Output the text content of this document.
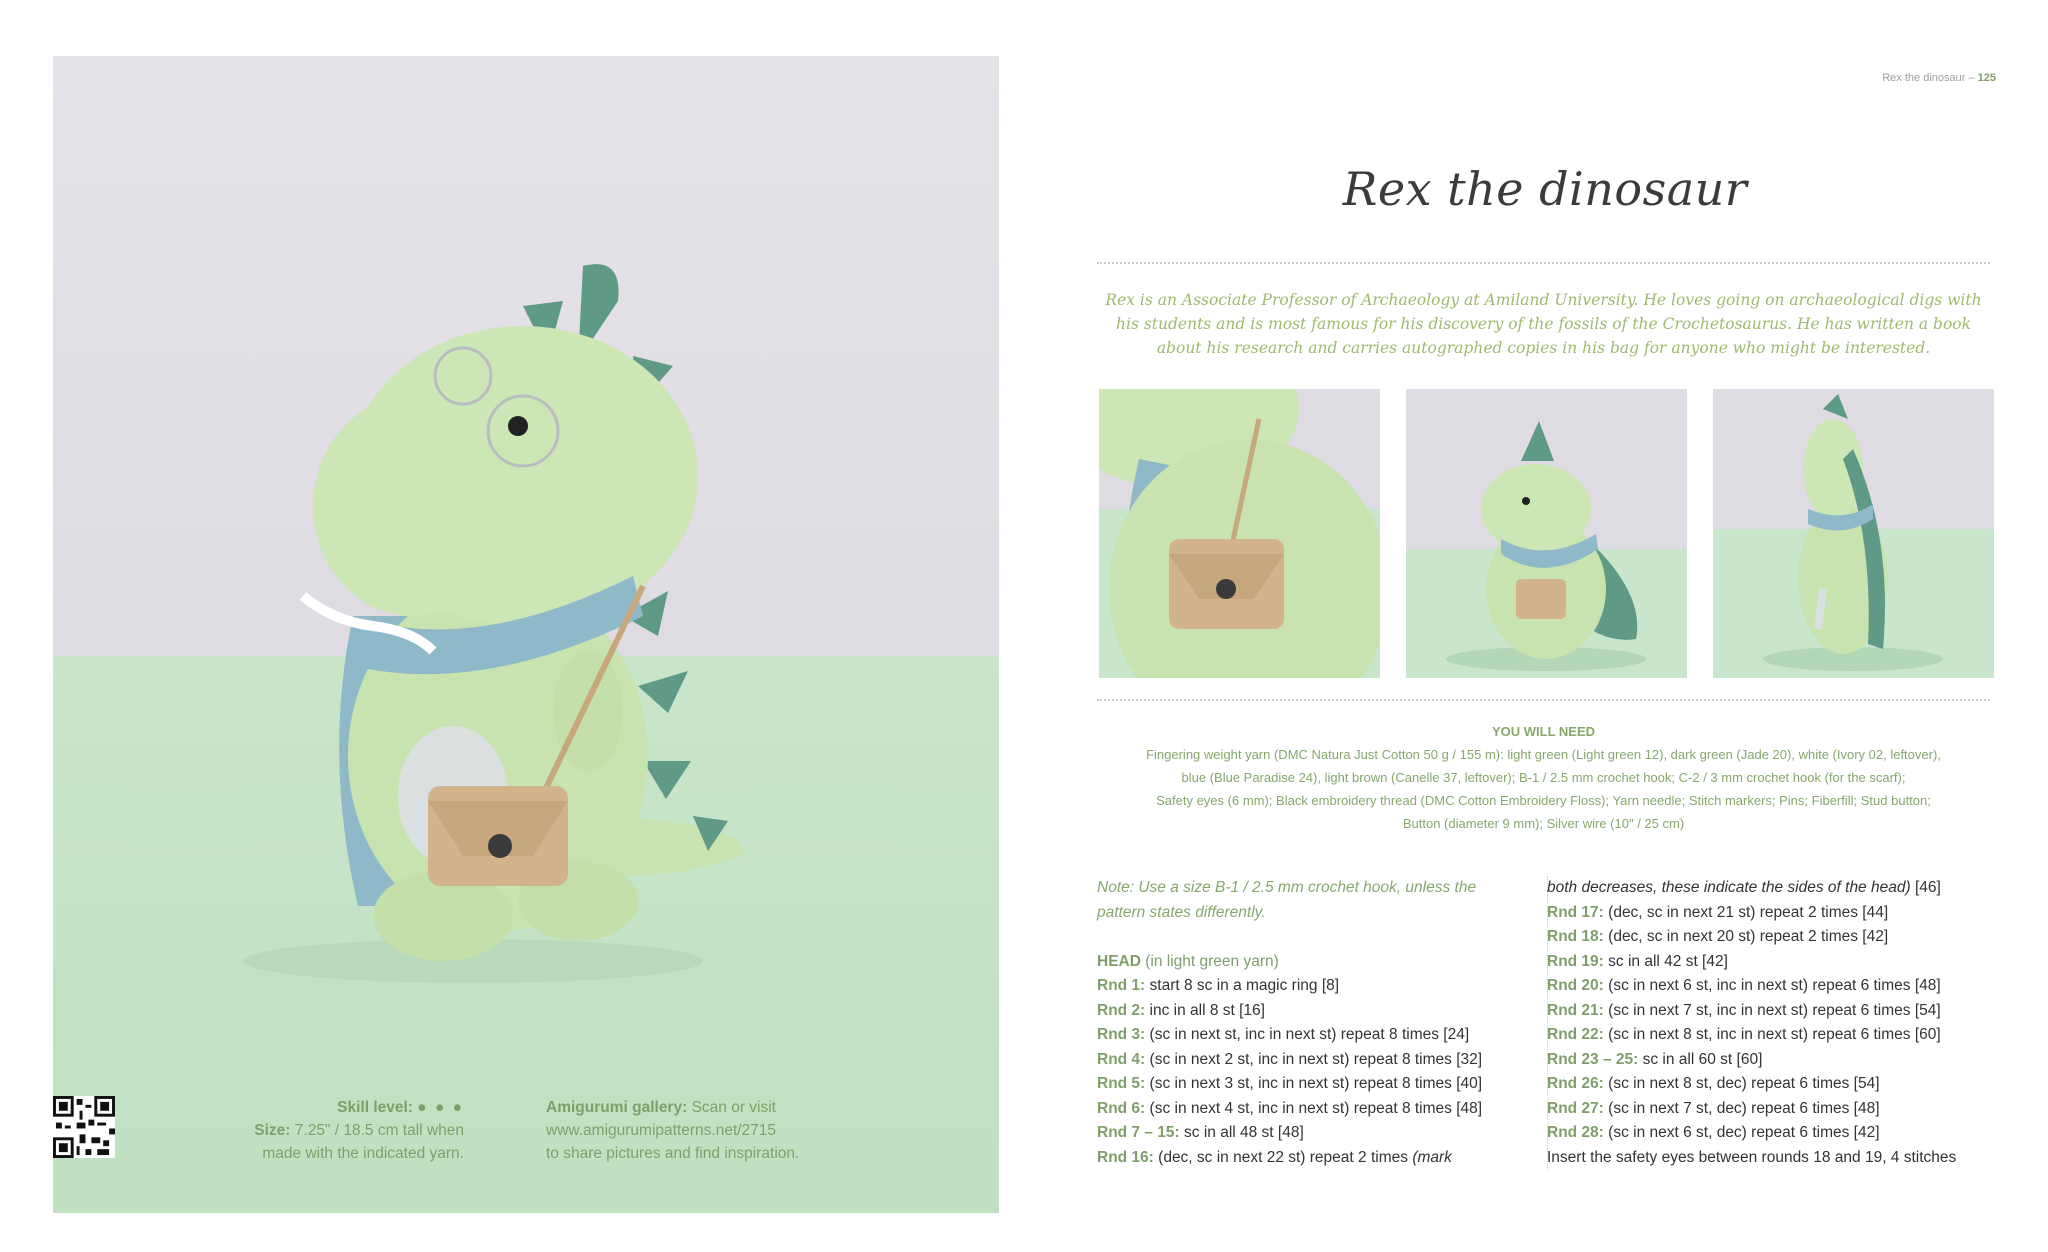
Skill level: ● ● ●
Size: 7.25" / 18.5 cm tall when
made with the indicated yarn.
Amigurumi gallery: Scan or visit
www.amigurumipatterns.net/2715
to share pictures and find inspiration.
Rex the dinosaur – 125
Rex the dinosaur
Rex is an Associate Professor of Archaeology at Amiland University. He loves going on archaeological digs with his students and is most famous for his discovery of the fossils of the Crochetosaurus. He has written a book about his research and carries autographed copies in his bag for anyone who might be interested.
YOU WILL NEED
Fingering weight yarn (DMC Natura Just Cotton 50 g / 155 m): light green (Light green 12), dark green (Jade 20), white (Ivory 02, leftover),
blue (Blue Paradise 24), light brown (Canelle 37, leftover); B-1 / 2.5 mm crochet hook; C-2 / 3 mm crochet hook (for the scarf);
Safety eyes (6 mm); Black embroidery thread (DMC Cotton Embroidery Floss); Yarn needle; Stitch markers; Pins; Fiberfill; Stud button;
Button (diameter 9 mm); Silver wire (10" / 25 cm)

Note: Use a size B-1 / 2.5 mm crochet hook, unless the
pattern states differently.

HEAD (in light green yarn)

Rnd 1: start 8 sc in a magic ring [8]

Rnd 2: inc in all 8 st [16]

Rnd 3: (sc in next st, inc in next st) repeat 8 times [24]

Rnd 4: (sc in next 2 st, inc in next st) repeat 8 times [32]

Rnd 5: (sc in next 3 st, inc in next st) repeat 8 times [40]

Rnd 6: (sc in next 4 st, inc in next st) repeat 8 times [48]

Rnd 7 – 15: sc in all 48 st [48]

Rnd 16: (dec, sc in next 22 st) repeat 2 times (mark

both decreases, these indicate the sides of the head) [46]

Rnd 17: (dec, sc in next 21 st) repeat 2 times [44]

Rnd 18: (dec, sc in next 20 st) repeat 2 times [42]

Rnd 19: sc in all 42 st [42]

Rnd 20: (sc in next 6 st, inc in next st) repeat 6 times [48]

Rnd 21: (sc in next 7 st, inc in next st) repeat 6 times [54]

Rnd 22: (sc in next 8 st, inc in next st) repeat 6 times [60]

Rnd 23 – 25: sc in all 60 st [60]

Rnd 26: (sc in next 8 st, dec) repeat 6 times [54]

Rnd 27: (sc in next 7 st, dec) repeat 6 times [48]

Rnd 28: (sc in next 6 st, dec) repeat 6 times [42]

Insert the safety eyes between rounds 18 and 19, 4 stitches
